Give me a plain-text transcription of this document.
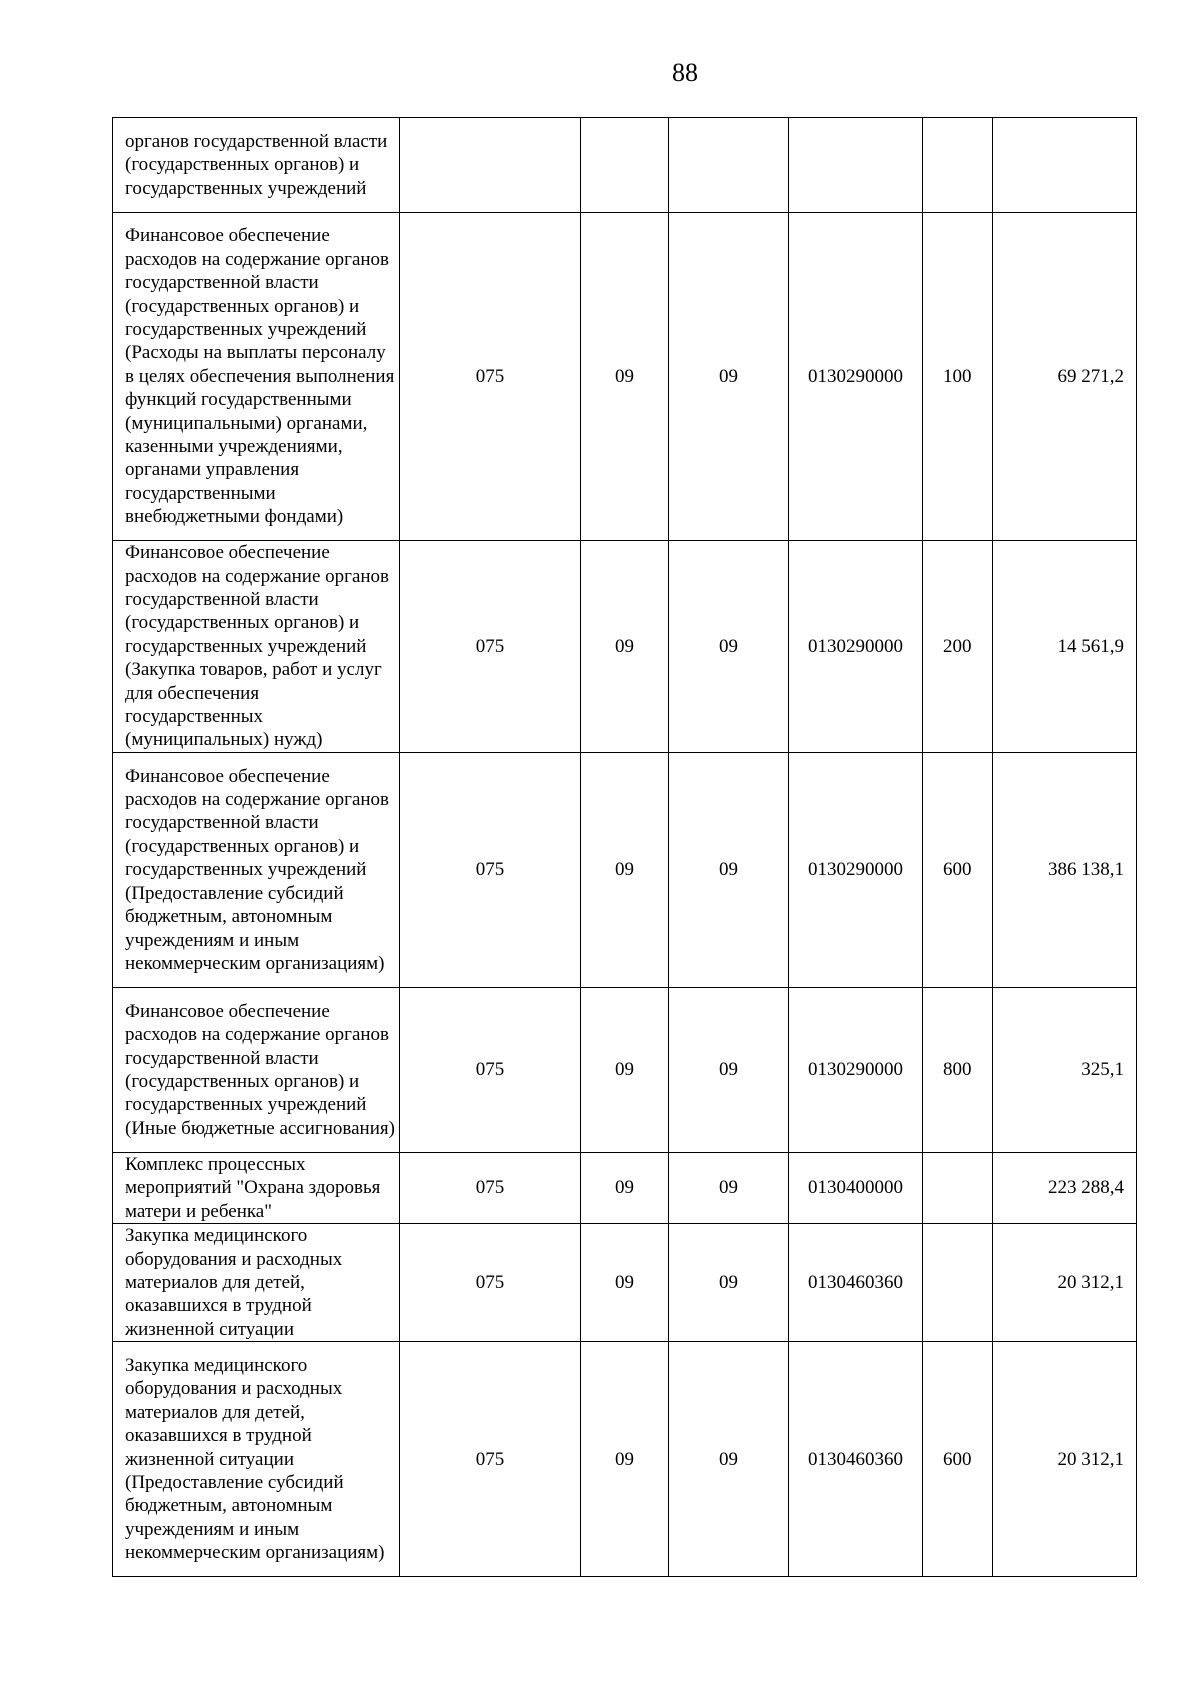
88
органов государственной власти (государственных органов) и государственных учреждений						
Финансовое обеспечение расходов на содержание органов государственной власти (государственных органов) и государственных учреждений (Расходы на выплаты персоналу в целях обеспечения выполнения функций государственными (муниципальными) органами, казенными учреждениями, органами управления государственными внебюджетными фондами)	075	09	09	0130290000	100	69 271,2
Финансовое обеспечение расходов на содержание органов государственной власти (государственных органов) и государственных учреждений (Закупка товаров, работ и услуг для обеспечения государственных (муниципальных) нужд)	075	09	09	0130290000	200	14 561,9
Финансовое обеспечение расходов на содержание органов государственной власти (государственных органов) и государственных учреждений (Предоставление субсидий бюджетным, автономным учреждениям и иным некоммерческим организациям)	075	09	09	0130290000	600	386 138,1
Финансовое обеспечение расходов на содержание органов государственной власти (государственных органов) и государственных учреждений (Иные бюджетные ассигнования)	075	09	09	0130290000	800	325,1
Комплекс процессных мероприятий "Охрана здоровья матери и ребенка"	075	09	09	0130400000		223 288,4
Закупка медицинского оборудования и расходных материалов для детей, оказавшихся в трудной жизненной ситуации	075	09	09	0130460360		20 312,1
Закупка медицинского оборудования и расходных материалов для детей, оказавшихся в трудной жизненной ситуации (Предоставление субсидий бюджетным, автономным учреждениям и иным некоммерческим организациям)	075	09	09	0130460360	600	20 312,1
